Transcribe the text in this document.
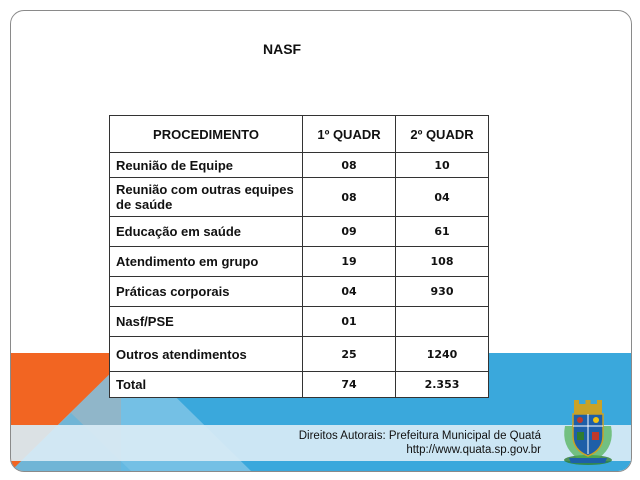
NASF
PROCEDIMENTO	1º QUADR	2º QUADR
Reunião de Equipe	08	10
Reunião com outras equipes de saúde	08	04
Educação em saúde	09	61
Atendimento em grupo	19	108
Práticas corporais	04	930
Nasf/PSE	01	
Outros atendimentos	25	1240
Total	74	2.353
Direitos Autorais: Prefeitura Municipal de Quatá
http://www.quata.sp.gov.br
